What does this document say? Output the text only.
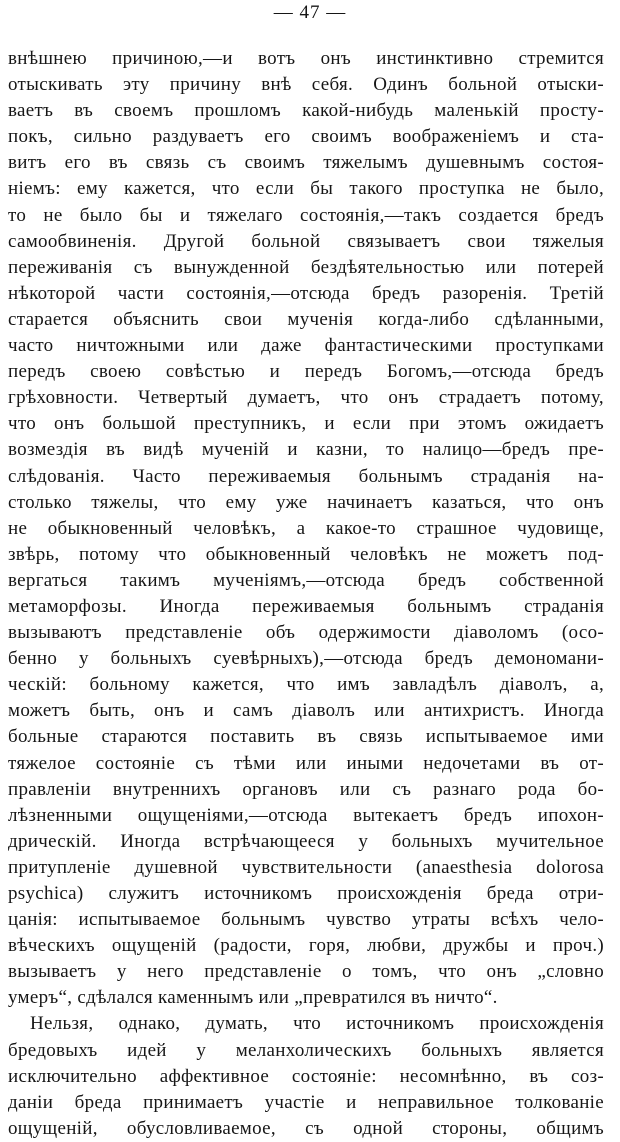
— 47 —
внѣшнею причиною,—и вотъ онъ инстинктивно стремится
отыскивать эту причину внѣ себя. Одинъ больной отыски-
ваетъ въ своемъ прошломъ какой-нибудь маленькiй просту-
покъ, сильно раздуваетъ его своимъ воображенiемъ и ста-
витъ его въ связь съ своимъ тяжелымъ душевнымъ состоя-
нiемъ: ему кажется, что если бы такого проступка не было,
то не было бы и тяжелаго состоянiя,—такъ создается бредъ
самообвиненiя. Другой больной связываетъ свои тяжелыя
переживанiя съ вынужденной бездѣятельностью или потерей
нѣкоторой части состоянiя,—отсюда бредъ разоренiя. Третiй
старается объяснить свои мученiя когда-либо сдѣланными,
часто ничтожными или даже фантастическими проступками
передъ своею совѣстью и передъ Богомъ,—отсюда бредъ
грѣховности. Четвертый думаетъ, что онъ страдаетъ потому,
что онъ большой преступникъ, и если при этомъ ожидаетъ
возмездiя въ видѣ мученiй и казни, то налицо—бредъ пре-
слѣдованiя. Часто переживаемыя больнымъ страданiя на-
столько тяжелы, что ему уже начинаетъ казаться, что онъ
не обыкновенный человѣкъ, а какое-то страшное чудовище,
звѣрь, потому что обыкновенный человѣкъ не можетъ под-
вергаться такимъ мученiямъ,—отсюда бредъ собственной
метаморфозы. Иногда переживаемыя больнымъ страданiя
вызываютъ представленiе объ одержимости дiаволомъ (осо-
бенно у больныхъ суевѣрныхъ),—отсюда бредъ демономани-
ческiй: больному кажется, что имъ завладѣлъ дiаволъ, а,
можетъ быть, онъ и самъ дiаволъ или антихристъ. Иногда
больные стараются поставить въ связь испытываемое ими
тяжелое состоянiе съ тѣми или иными недочетами въ от-
правленiи внутреннихъ органовъ или съ разнаго рода бо-
лѣзненными ощущенiями,—отсюда вытекаетъ бредъ ипохон-
дрическiй. Иногда встрѣчающееся у больныхъ мучительное
притупленiе душевной чувствительности (anaesthesia dolorosa
psychica) служитъ источникомъ происхожденiя бреда отри-
цанiя: испытываемое больнымъ чувство утраты всѣхъ чело-
вѣческихъ ощущенiй (радости, горя, любви, дружбы и проч.)
вызываетъ у него представленiе о томъ, что онъ „словно
умеръ“, сдѣлался каменнымъ или „превратился въ ничто“.
Нельзя, однако, думать, что источникомъ происхожденiя
бредовыхъ идей у меланхолическихъ больныхъ является
исключительно аффективное состоянiе: несомнѣнно, въ соз-
данiи бреда принимаетъ участiе и неправильное толкованiе
ощущенiй, обусловливаемое, съ одной стороны, общимъ
